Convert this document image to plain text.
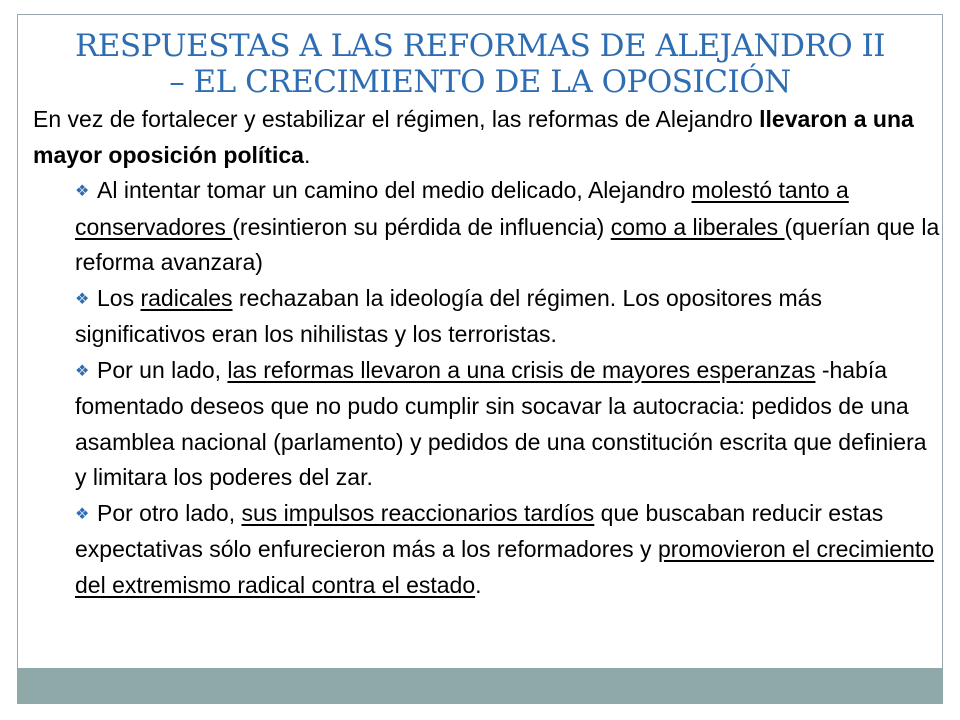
RESPUESTAS A LAS REFORMAS DE ALEJANDRO II
– EL CRECIMIENTO DE LA OPOSICIÓN

En vez de fortalecer y estabilizar el régimen, las reformas de Alejandro llevaron a una mayor oposición política.

❖ Al intentar tomar un camino del medio delicado, Alejandro molestó tanto a conservadores (resintieron su pérdida de influencia) como a liberales (querían que la reforma avanzara)
❖ Los radicales rechazaban la ideología del régimen. Los opositores más significativos eran los nihilistas y los terroristas.
❖ Por un lado, las reformas llevaron a una crisis de mayores esperanzas -había fomentado deseos que no pudo cumplir sin socavar la autocracia: pedidos de una asamblea nacional (parlamento) y pedidos de una constitución escrita que definiera y limitara los poderes del zar.
❖ Por otro lado, sus impulsos reaccionarios tardíos que buscaban reducir estas expectativas sólo enfurecieron más a los reformadores y promovieron el crecimiento del extremismo radical contra el estado.
